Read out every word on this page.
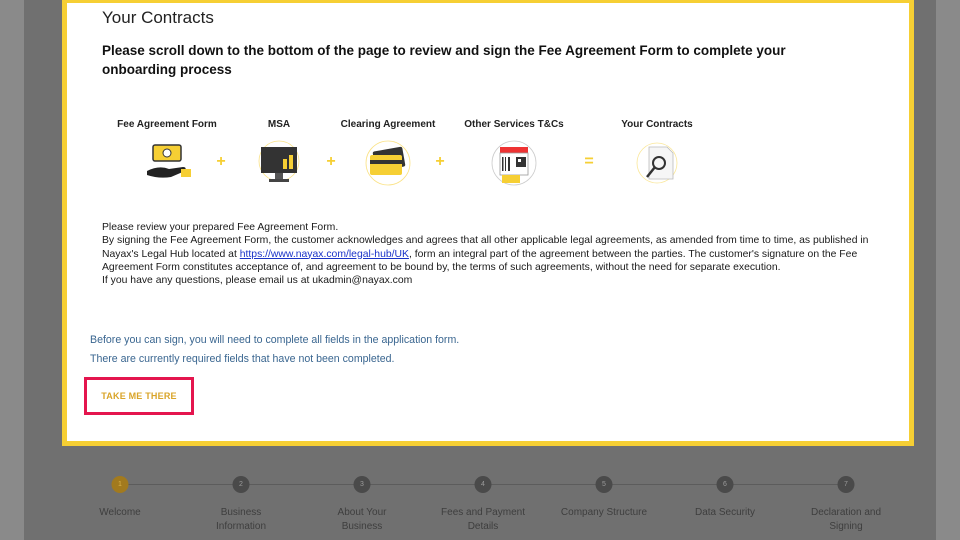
Your Contracts
Please scroll down to the bottom of the page to review and sign the Fee Agreement Form to complete your onboarding process
Fee Agreement Form	MSA	Clearing Agreement	Other Services T&Cs	Your Contracts
+	+	+	=
Please review your prepared Fee Agreement Form.
By signing the Fee Agreement Form, the customer acknowledges and agrees that all other applicable legal agreements, as amended from time to time, as published in Nayax's Legal Hub located at https://www.nayax.com/legal-hub/UK, form an integral part of the agreement between the parties. The customer's signature on the Fee Agreement Form constitutes acceptance of, and agreement to be bound by, the terms of such agreements, without the need for separate execution.
If you have any questions, please email us at ukadmin@nayax.com
Before you can sign, you will need to complete all fields in the application form.
There are currently required fields that have not been completed.
TAKE ME THERE
1	2	3	4	5	6	7
Welcome	Business Information
About Your Business
Fees and Payment Details
Company Structure	Data Security	Declaration and Signing
